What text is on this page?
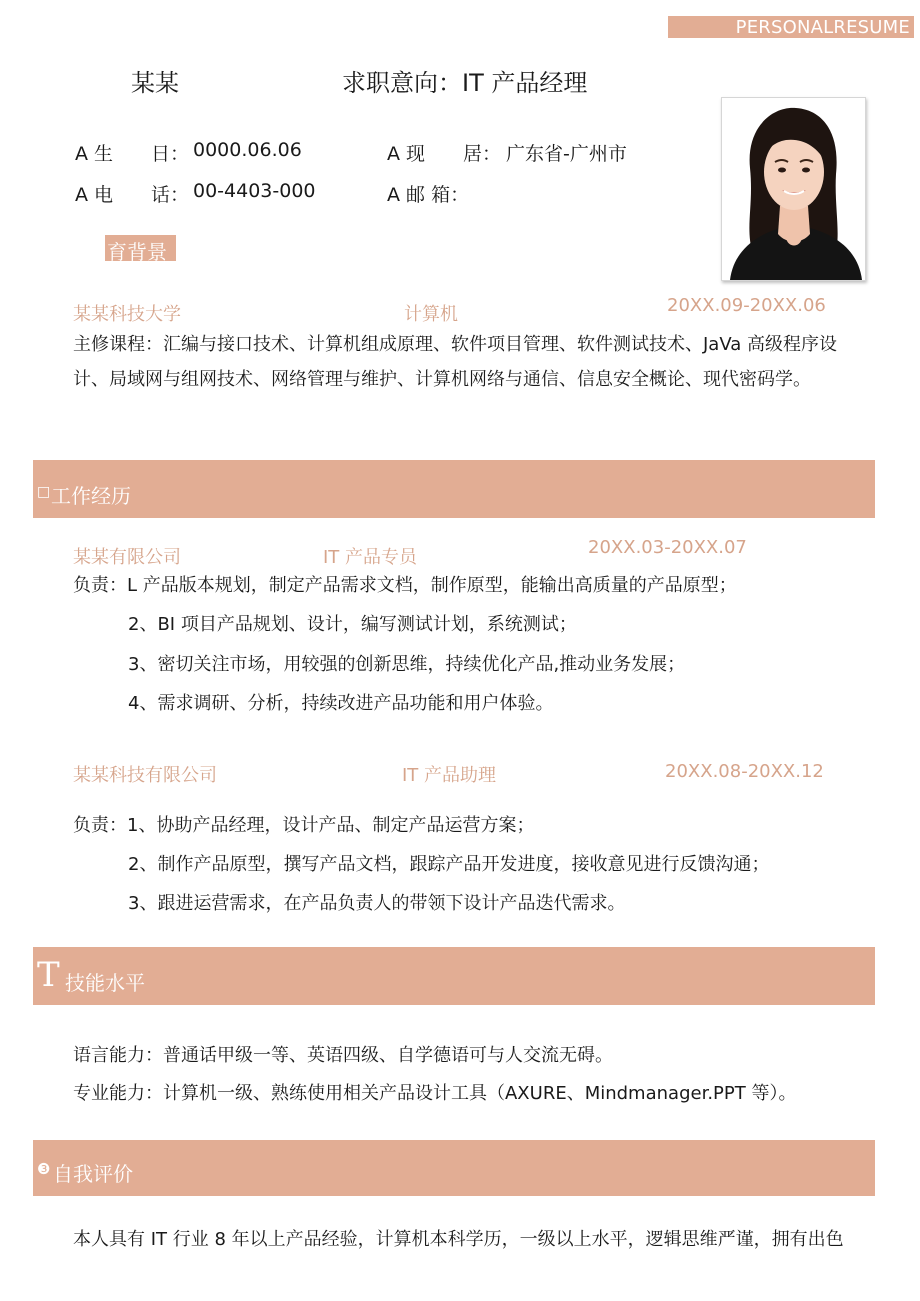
PERSONALRESUME
某某	求职意向：IT 产品经理
A 生　　日： 0000.06.06	A 现　　居： 广东省-广州市
A 电　　话： 00-4403-000	A 邮 箱：
育背景
某某科技大学	计算机	20XX.09-20XX.06
主修课程：汇编与接口技术、计算机组成原理、软件项目管理、软件测试技术、JaVa 高级程序设
计、局域网与组网技术、网络管理与维护、计算机网络与通信、信息安全概论、现代密码学。
□ 工作经历
某某有限公司	IT 产品专员	20XX.03-20XX.07
负责：L 产品版本规划，制定产品需求文档，制作原型，能输出高质量的产品原型；
2、BI 项目产品规划、设计，编写测试计划，系统测试；
3、密切关注市场，用较强的创新思维，持续优化产品,推动业务发展；
4、需求调研、分析，持续改进产品功能和用户体验。
某某科技有限公司	IT 产品助理	20XX.08-20XX.12
负责：1、协助产品经理，设计产品、制定产品运营方案；
2、制作产品原型，撰写产品文档，跟踪产品开发进度，接收意见进行反馈沟通；
3、跟进运营需求，在产品负责人的带领下设计产品迭代需求。
T 技能水平
语言能力：普通话甲级一等、英语四级、自学德语可与人交流无碍。
专业能力：计算机一级、熟练使用相关产品设计工具（AXURE、Mindmanager.PPT 等）。
❸ 自我评价
本人具有 IT 行业 8 年以上产品经验，计算机本科学历，一级以上水平，逻辑思维严谨，拥有出色
